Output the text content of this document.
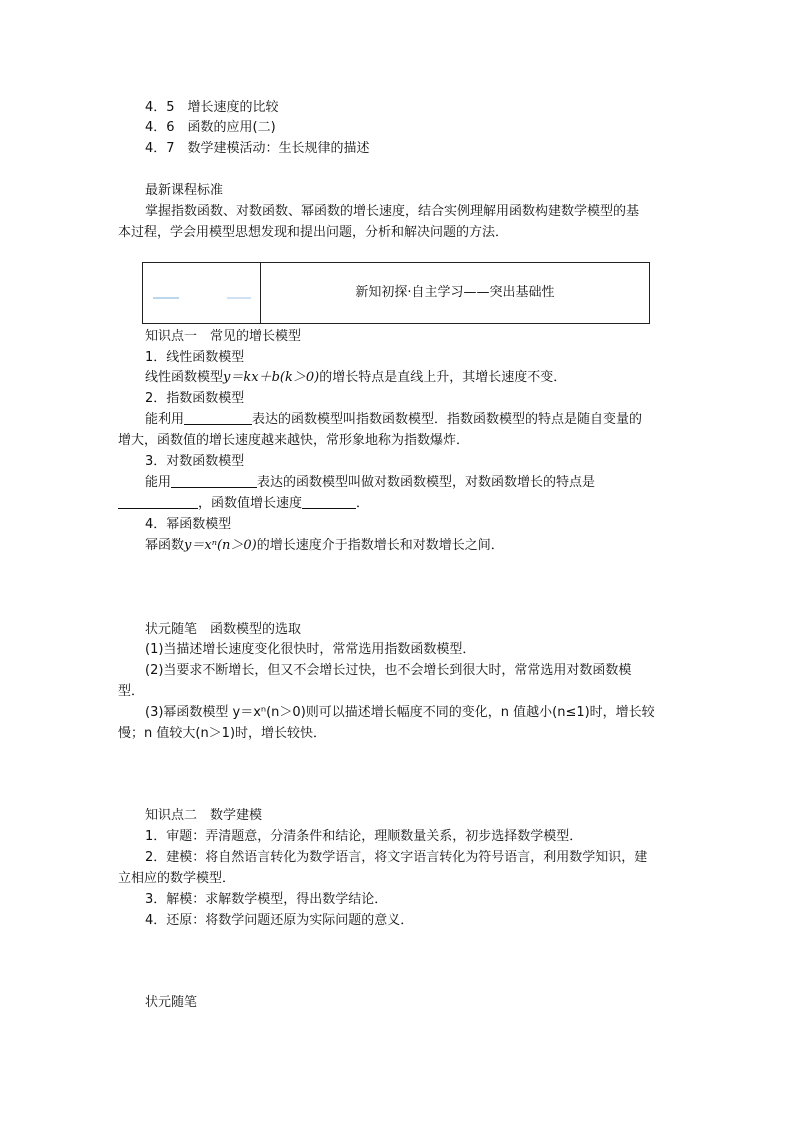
4．5　增长速度的比较
4．6　函数的应用(二)
4．7　数学建模活动：生长规律的描述
最新课程标准
掌握指数函数、对数函数、幂函数的增长速度，结合实例理解用函数构建数学模型的基
本过程，学会用模型思想发现和提出问题，分析和解决问题的方法．
新知初探·自主学习——突出基础性
知识点一　常见的增长模型
1．线性函数模型
线性函数模型y＝kx＋b(k＞0)的增长特点是直线上升，其增长速度不变．
2．指数函数模型
能利用	表达的函数模型叫指数函数模型．指数函数模型的特点是随自变量的
增大，函数值的增长速度越来越快，常形象地称为指数爆炸．
3．对数函数模型
能用	表达的函数模型叫做对数函数模型，对数函数增长的特点是
，函数值增长速度	．
4．幂函数模型
幂函数y＝xⁿ(n＞0)的增长速度介于指数增长和对数增长之间．
状元随笔　函数模型的选取
(1)当描述增长速度变化很快时，常常选用指数函数模型．
(2)当要求不断增长，但又不会增长过快，也不会增长到很大时，常常选用对数函数模
型．
(3)幂函数模型 y＝xⁿ(n＞0)则可以描述增长幅度不同的变化，n 值越小(n≤1)时，增长较
慢；n 值较大(n＞1)时，增长较快．
知识点二　数学建模
1．审题：弄清题意，分清条件和结论，理顺数量关系，初步选择数学模型．
2．建模：将自然语言转化为数学语言，将文字语言转化为符号语言，利用数学知识，建
立相应的数学模型．
3．解模：求解数学模型，得出数学结论．
4．还原：将数学问题还原为实际问题的意义．
状元随笔
